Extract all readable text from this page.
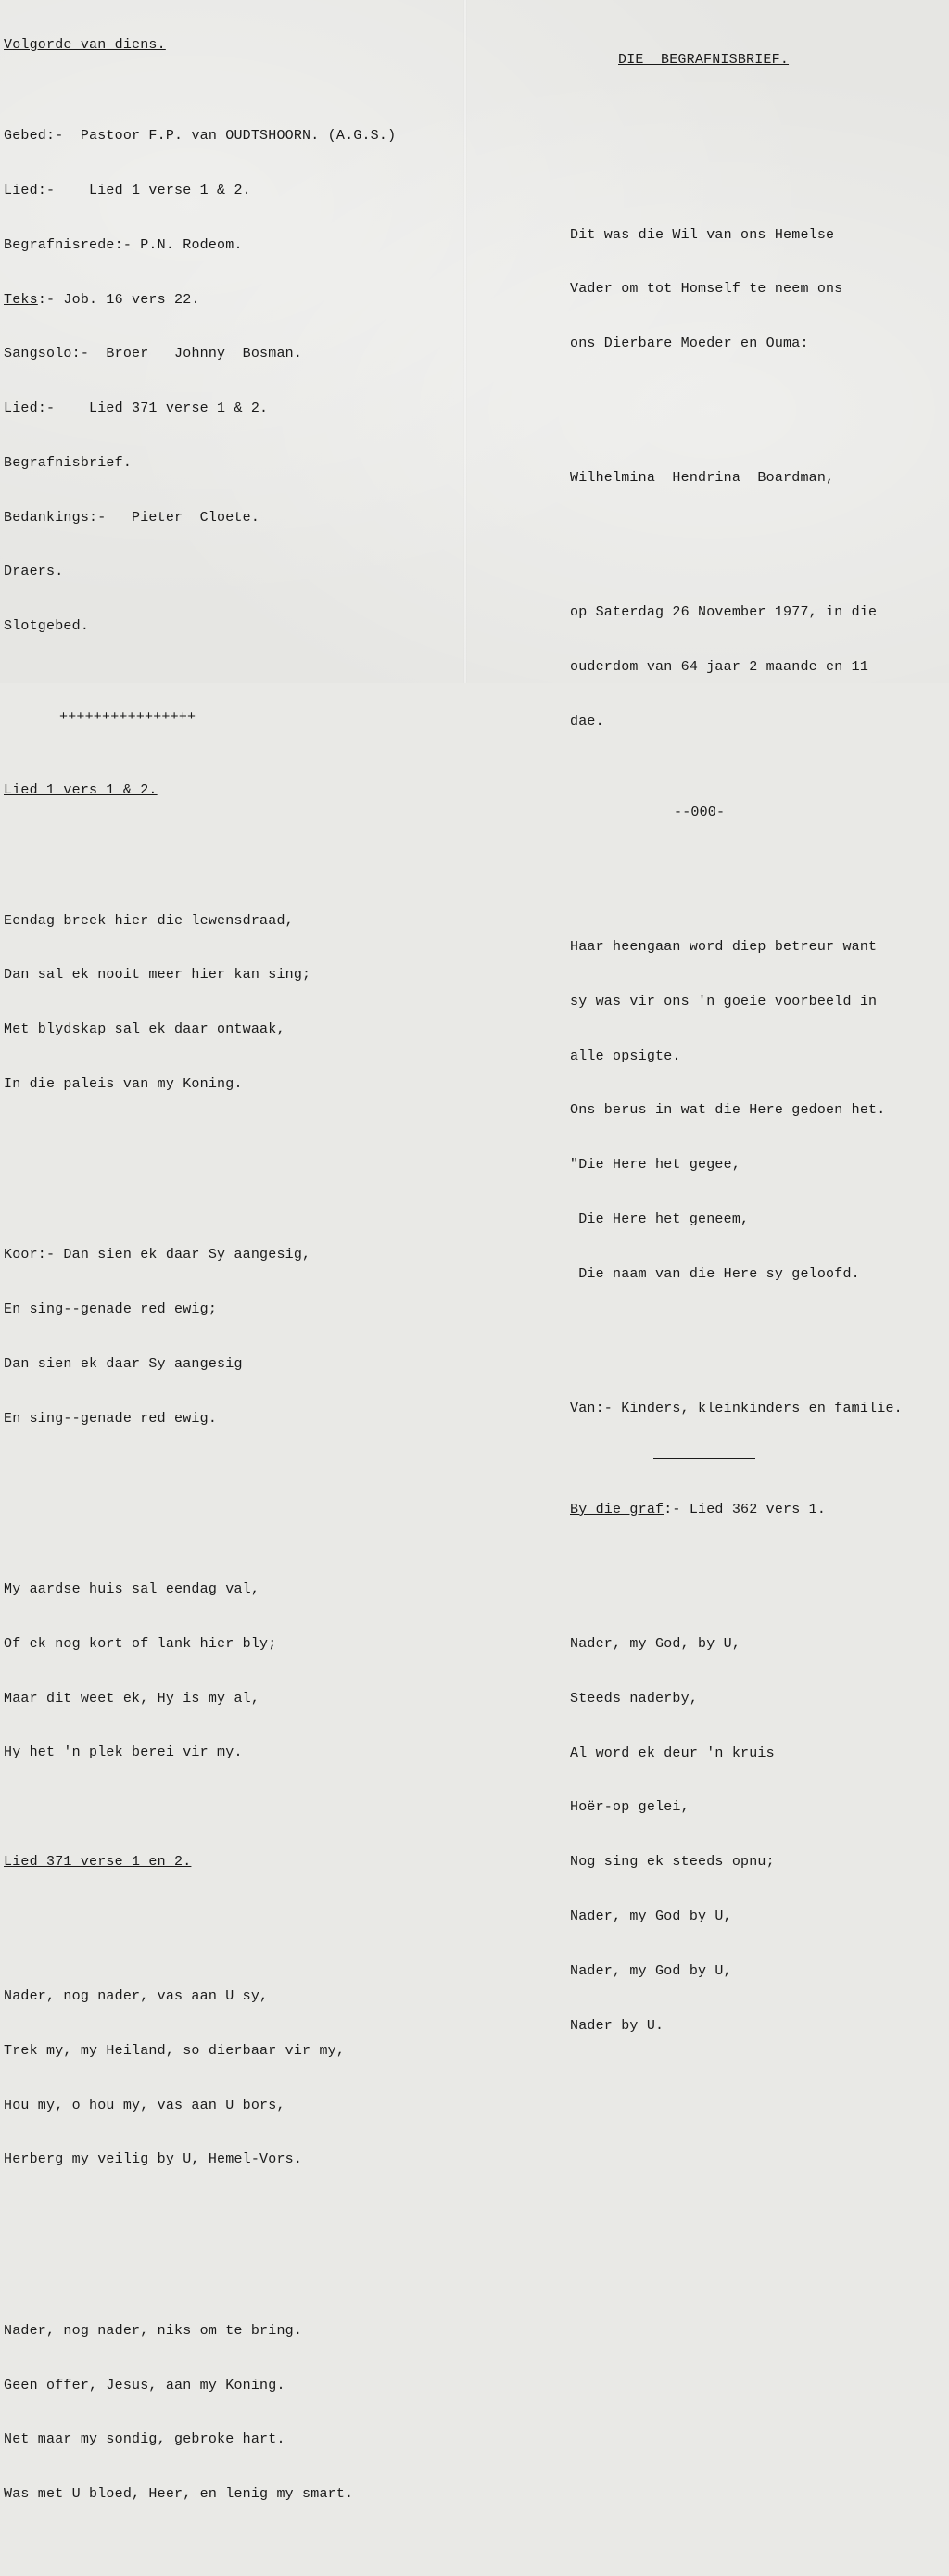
Volgorde van diens.

Gebed:-  Pastoor F.P. van OUDTSHOORN. (A.G.S.)

Lied:-    Lied 1 verse 1 & 2.

Begrafnisrede:- P.N. Rodeom.

Teks:- Job. 16 vers 22.

Sangsolo:-  Broer   Johnny  Bosman.

Lied:-    Lied 371 verse 1 & 2.

Begrafnisbrief.

Bedankings:-   Pieter  Cloete.

Draers.

Slotgebed.

++++++++++++++++

Lied 1 vers 1 & 2.

Eendag breek hier die lewensdraad,

Dan sal ek nooit meer hier kan sing;

Met blydskap sal ek daar ontwaak,

In die paleis van my Koning.

Koor:- Dan sien ek daar Sy aangesig,

En sing--genade red ewig;

Dan sien ek daar Sy aangesig

En sing--genade red ewig.

My aardse huis sal eendag val,

Of ek nog kort of lank hier bly;

Maar dit weet ek, Hy is my al,

Hy het 'n plek berei vir my.

Lied 371 verse 1 en 2.

Nader, nog nader, vas aan U sy,

Trek my, my Heiland, so dierbaar vir my,

Hou my, o hou my, vas aan U bors,

Herberg my veilig by U, Hemel-Vors.

Nader, nog nader, niks om te bring.

Geen offer, Jesus, aan my Koning.

Net maar my sondig, gebroke hart.

Was met U bloed, Heer, en lenig my smart.

DIE  BEGRAFNISBRIEF.

Dit was die Wil van ons Hemelse

Vader om tot Homself te neem ons

ons Dierbare Moeder en Ouma:

Wilhelmina  Hendrina  Boardman,

op Saterdag 26 November 1977, in die

ouderdom van 64 jaar 2 maande en 11

dae.

--000-

Haar heengaan word diep betreur want

sy was vir ons 'n goeie voorbeeld in

alle opsigte.

Ons berus in wat die Here gedoen het.

"Die Here het gegee,

Die Here het geneem,

Die naam van die Here sy geloofd.

Van:- Kinders, kleinkinders en familie.

By die graf:- Lied 362 vers 1.

Nader, my God, by U,

Steeds naderby,

Al word ek deur 'n kruis

Hoër-op gelei,

Nog sing ek steeds opnu;

Nader, my God by U,

Nader, my God by U,

Nader by U.
